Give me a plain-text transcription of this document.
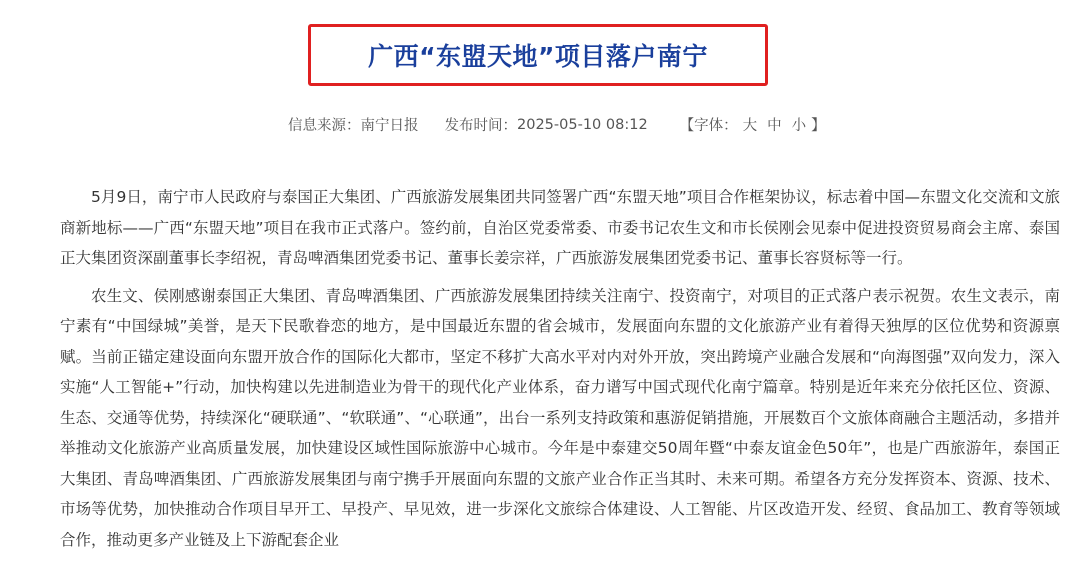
广西“东盟天地”项目落户南宁
信息来源： 南宁日报 发布时间： 2025-05-10 08:12 【字体： 大 中 小 】

5月9日，南宁市人民政府与泰国正大集团、广西旅游发展集团共同签署广西“东盟天地”项目合作框架协议，标志着中国—东盟文化交流和文旅商新地标——广西“东盟天地”项目在我市正式落户。签约前，自治区党委常委、市委书记农生文和市长侯刚会见泰中促进投资贸易商会主席、泰国正大集团资深副董事长李绍祝，青岛啤酒集团党委书记、董事长姜宗祥，广西旅游发展集团党委书记、董事长容贤标等一行。

农生文、侯刚感谢泰国正大集团、青岛啤酒集团、广西旅游发展集团持续关注南宁、投资南宁，对项目的正式落户表示祝贺。农生文表示，南宁素有“中国绿城”美誉，是天下民歌眷恋的地方，是中国最近东盟的省会城市，发展面向东盟的文化旅游产业有着得天独厚的区位优势和资源禀赋。当前正锚定建设面向东盟开放合作的国际化大都市，坚定不移扩大高水平对内对外开放，突出跨境产业融合发展和“向海图强”双向发力，深入实施“人工智能+”行动，加快构建以先进制造业为骨干的现代化产业体系，奋力谱写中国式现代化南宁篇章。特别是近年来充分依托区位、资源、生态、交通等优势，持续深化“硬联通”、“软联通”、“心联通”，出台一系列支持政策和惠游促销措施，开展数百个文旅体商融合主题活动，多措并举推动文化旅游产业高质量发展，加快建设区域性国际旅游中心城市。今年是中泰建交50周年暨“中泰友谊金色50年”，也是广西旅游年，泰国正大集团、青岛啤酒集团、广西旅游发展集团与南宁携手开展面向东盟的文旅产业合作正当其时、未来可期。希望各方充分发挥资本、资源、技术、市场等优势，加快推动合作项目早开工、早投产、早见效，进一步深化文旅综合体建设、人工智能、片区改造开发、经贸、食品加工、教育等领域合作，推动更多产业链及上下游配套企业
